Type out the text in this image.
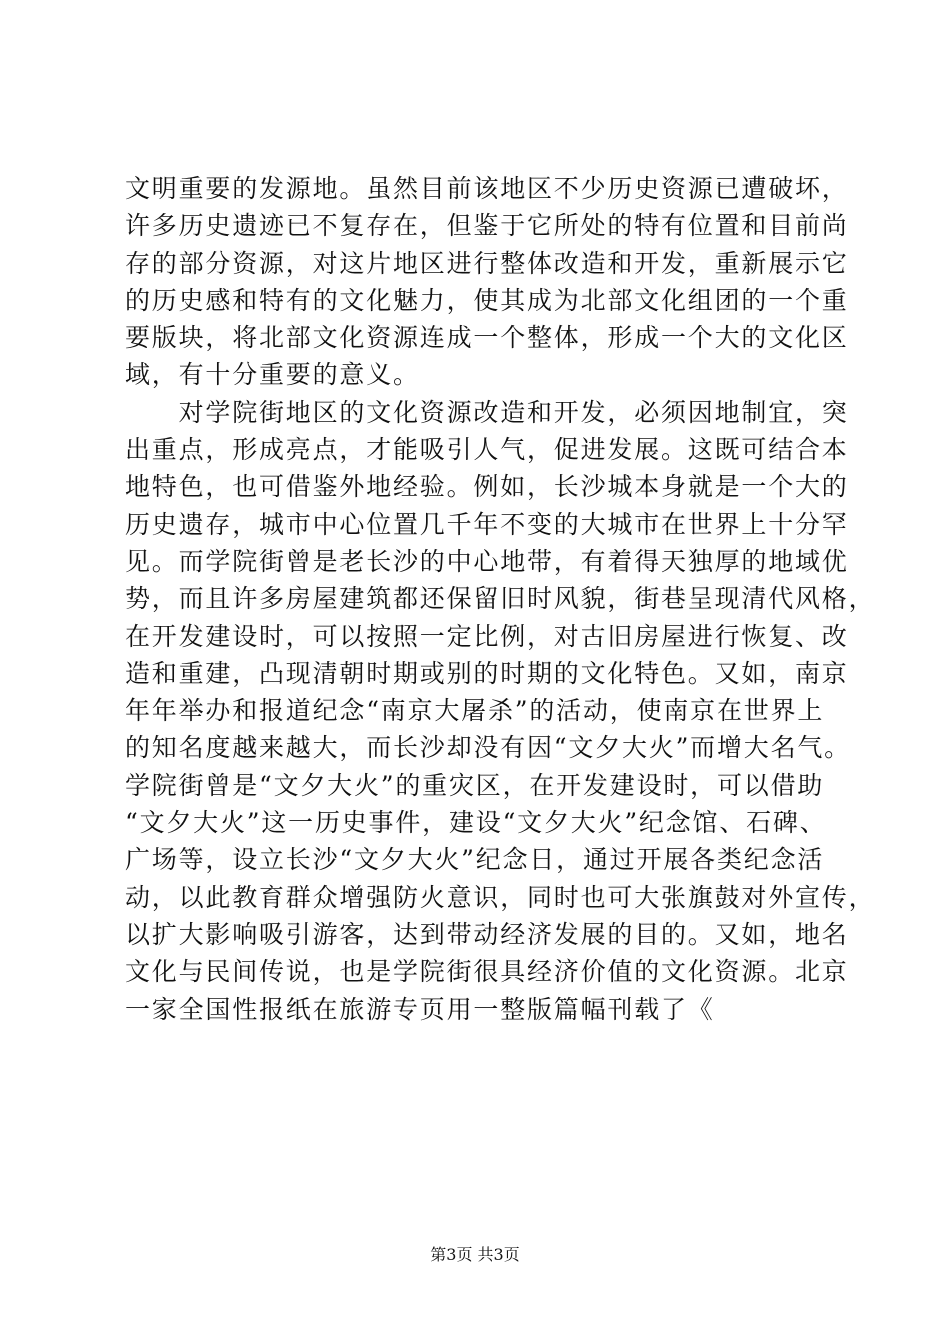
文明重要的发源地。虽然目前该地区不少历史资源已遭破坏，
许多历史遗迹已不复存在，但鉴于它所处的特有位置和目前尚
存的部分资源，对这片地区进行整体改造和开发，重新展示它
的历史感和特有的文化魅力，使其成为北部文化组团的一个重
要版块，将北部文化资源连成一个整体，形成一个大的文化区
域，有十分重要的意义。
　　对学院街地区的文化资源改造和开发，必须因地制宜，突
出重点，形成亮点，才能吸引人气，促进发展。这既可结合本
地特色，也可借鉴外地经验。例如，长沙城本身就是一个大的
历史遗存，城市中心位置几千年不变的大城市在世界上十分罕
见。而学院街曾是老长沙的中心地带，有着得天独厚的地域优
势，而且许多房屋建筑都还保留旧时风貌，街巷呈现清代风格，
在开发建设时，可以按照一定比例，对古旧房屋进行恢复、改
造和重建，凸现清朝时期或别的时期的文化特色。又如，南京
年年举办和报道纪念“南京大屠杀”的活动，使南京在世界上
的知名度越来越大，而长沙却没有因“文夕大火”而增大名气。
学院街曾是“文夕大火”的重灾区，在开发建设时，可以借助
“文夕大火”这一历史事件，建设“文夕大火”纪念馆、石碑、
广场等，设立长沙“文夕大火”纪念日，通过开展各类纪念活
动，以此教育群众增强防火意识，同时也可大张旗鼓对外宣传，
以扩大影响吸引游客，达到带动经济发展的目的。又如，地名
文化与民间传说，也是学院街很具经济价值的文化资源。北京
一家全国性报纸在旅游专页用一整版篇幅刊载了《
第3页 共3页
